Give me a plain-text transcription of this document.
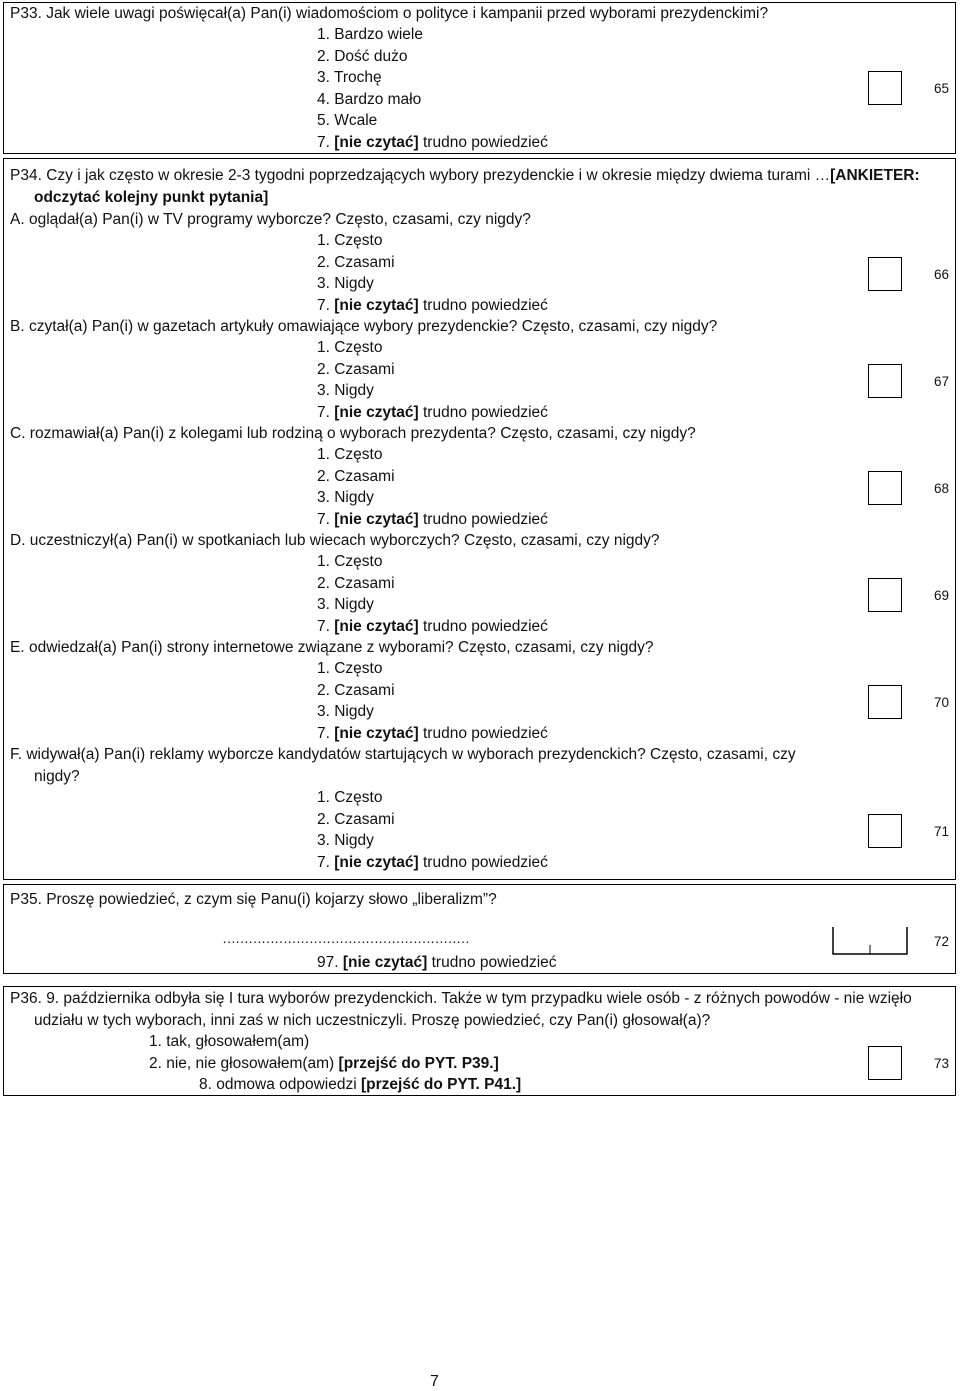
P33. Jak wiele uwagi poświęcał(a) Pan(i) wiadomościom o polityce i kampanii przed wyborami prezydenckimi?
1. Bardzo wiele
2. Dość dużo
3. Trochę
4. Bardzo mało
5. Wcale
7. [nie czytać] trudno powiedzieć
65
P34. Czy i jak często w okresie 2-3 tygodni poprzedzających wybory prezydenckie i w okresie między dwiema turami …[ANKIETER:
odczytać kolejny punkt pytania]
A. oglądał(a) Pan(i) w TV programy wyborcze? Często, czasami, czy nigdy?
1. Często
2. Czasami
3. Nigdy
7. [nie czytać] trudno powiedzieć
66
B. czytał(a) Pan(i) w gazetach artykuły omawiające wybory prezydenckie? Często, czasami, czy nigdy?
1. Często
2. Czasami
3. Nigdy
7. [nie czytać] trudno powiedzieć
67
C. rozmawiał(a) Pan(i) z kolegami lub rodziną o wyborach prezydenta? Często, czasami, czy nigdy?
1. Często
2. Czasami
3. Nigdy
7. [nie czytać] trudno powiedzieć
68
D. uczestniczył(a) Pan(i) w spotkaniach lub wiecach wyborczych? Często, czasami, czy nigdy?
1. Często
2. Czasami
3. Nigdy
7. [nie czytać] trudno powiedzieć
69
E. odwiedzał(a) Pan(i) strony internetowe związane z wyborami? Często, czasami, czy nigdy?
1. Często
2. Czasami
3. Nigdy
7. [nie czytać] trudno powiedzieć
70
F. widywał(a) Pan(i) reklamy wyborcze kandydatów startujących w wyborach prezydenckich? Często, czasami, czy
nigdy?
1. Często
2. Czasami
3. Nigdy
7. [nie czytać] trudno powiedzieć
71
P35. Proszę powiedzieć, z czym się Panu(i) kojarzy słowo „liberalizm”?
…………………………………………………
97. [nie czytać] trudno powiedzieć
72
P36. 9. października odbyła się I tura wyborów prezydenckich. Także w tym przypadku wiele osób - z różnych powodów - nie wzięło
udziału w tych wyborach, inni zaś w nich uczestniczyli. Proszę powiedzieć, czy Pan(i) głosował(a)?
1. tak, głosowałem(am)
2. nie, nie głosowałem(am) [przejść do PYT. P39.]
8. odmowa odpowiedzi [przejść do PYT. P41.]
73
7
